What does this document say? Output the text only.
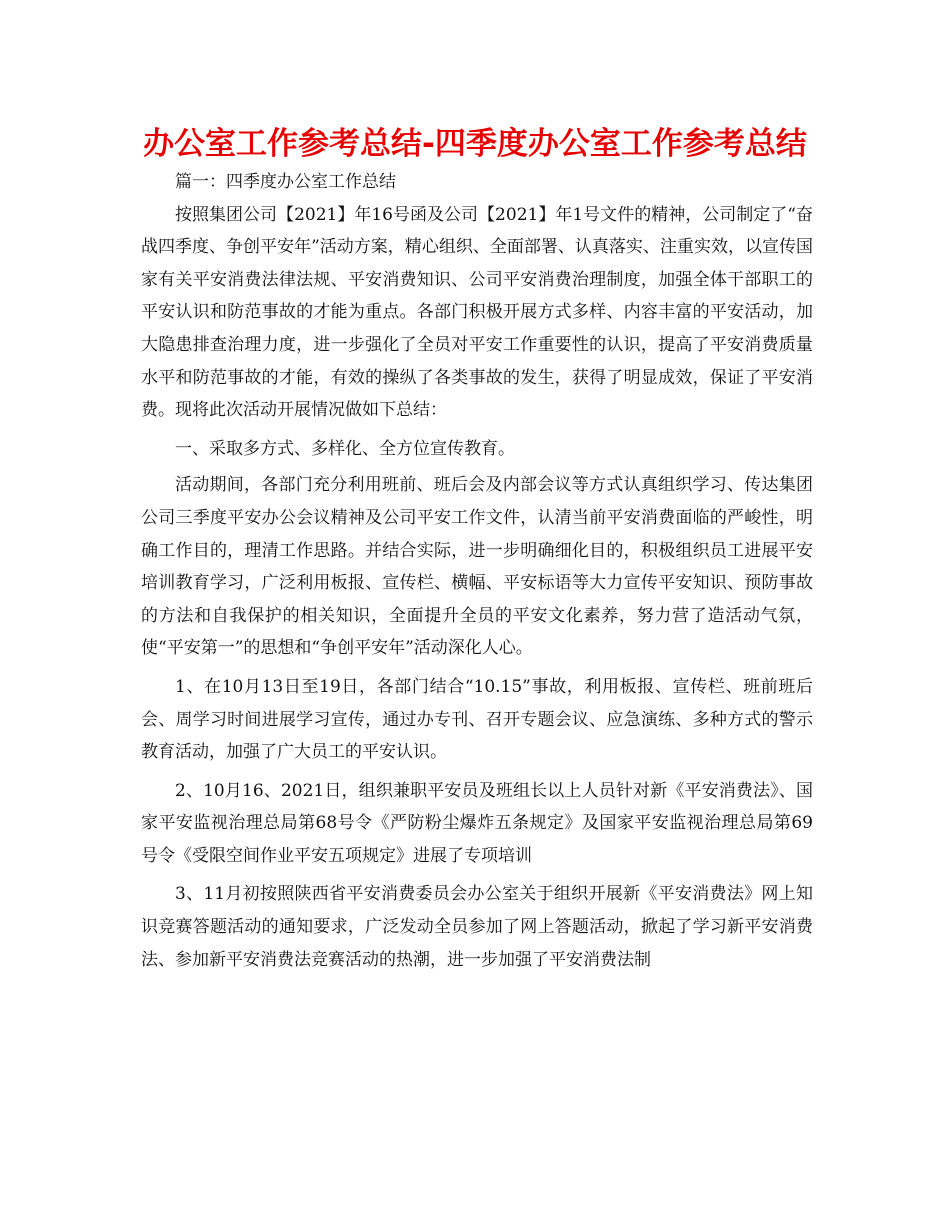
办公室工作参考总结-四季度办公室工作参考总结

篇一：四季度办公室工作总结

按照集团公司【2021】年16号函及公司【2021】年1号文件的精神，公司制定了“奋战四季度、争创平安年”活动方案，精心组织、全面部署、认真落实、注重实效，以宣传国家有关平安消费法律法规、平安消费知识、公司平安消费治理制度，加强全体干部职工的平安认识和防范事故的才能为重点。各部门积极开展方式多样、内容丰富的平安活动，加大隐患排查治理力度，进一步强化了全员对平安工作重要性的认识，提高了平安消费质量水平和防范事故的才能，有效的操纵了各类事故的发生，获得了明显成效，保证了平安消费。现将此次活动开展情况做如下总结：

一、采取多方式、多样化、全方位宣传教育。

活动期间，各部门充分利用班前、班后会及内部会议等方式认真组织学习、传达集团公司三季度平安办公会议精神及公司平安工作文件，认清当前平安消费面临的严峻性，明确工作目的，理清工作思路。并结合实际，进一步明确细化目的，积极组织员工进展平安培训教育学习，广泛利用板报、宣传栏、横幅、平安标语等大力宣传平安知识、预防事故的方法和自我保护的相关知识，全面提升全员的平安文化素养，努力营了造活动气氛，使“平安第一”的思想和“争创平安年”活动深化人心。

1、在10月13日至19日，各部门结合“10.15”事故，利用板报、宣传栏、班前班后会、周学习时间进展学习宣传，通过办专刊、召开专题会议、应急演练、多种方式的警示教育活动，加强了广大员工的平安认识。

2、10月16、2021日，组织兼职平安员及班组长以上人员针对新《平安消费法》、国家平安监视治理总局第68号令《严防粉尘爆炸五条规定》及国家平安监视治理总局第69号令《受限空间作业平安五项规定》进展了专项培训

3、11月初按照陕西省平安消费委员会办公室关于组织开展新《平安消费法》网上知识竞赛答题活动的通知要求，广泛发动全员参加了网上答题活动，掀起了学习新平安消费法、参加新平安消费法竞赛活动的热潮，进一步加强了平安消费法制
